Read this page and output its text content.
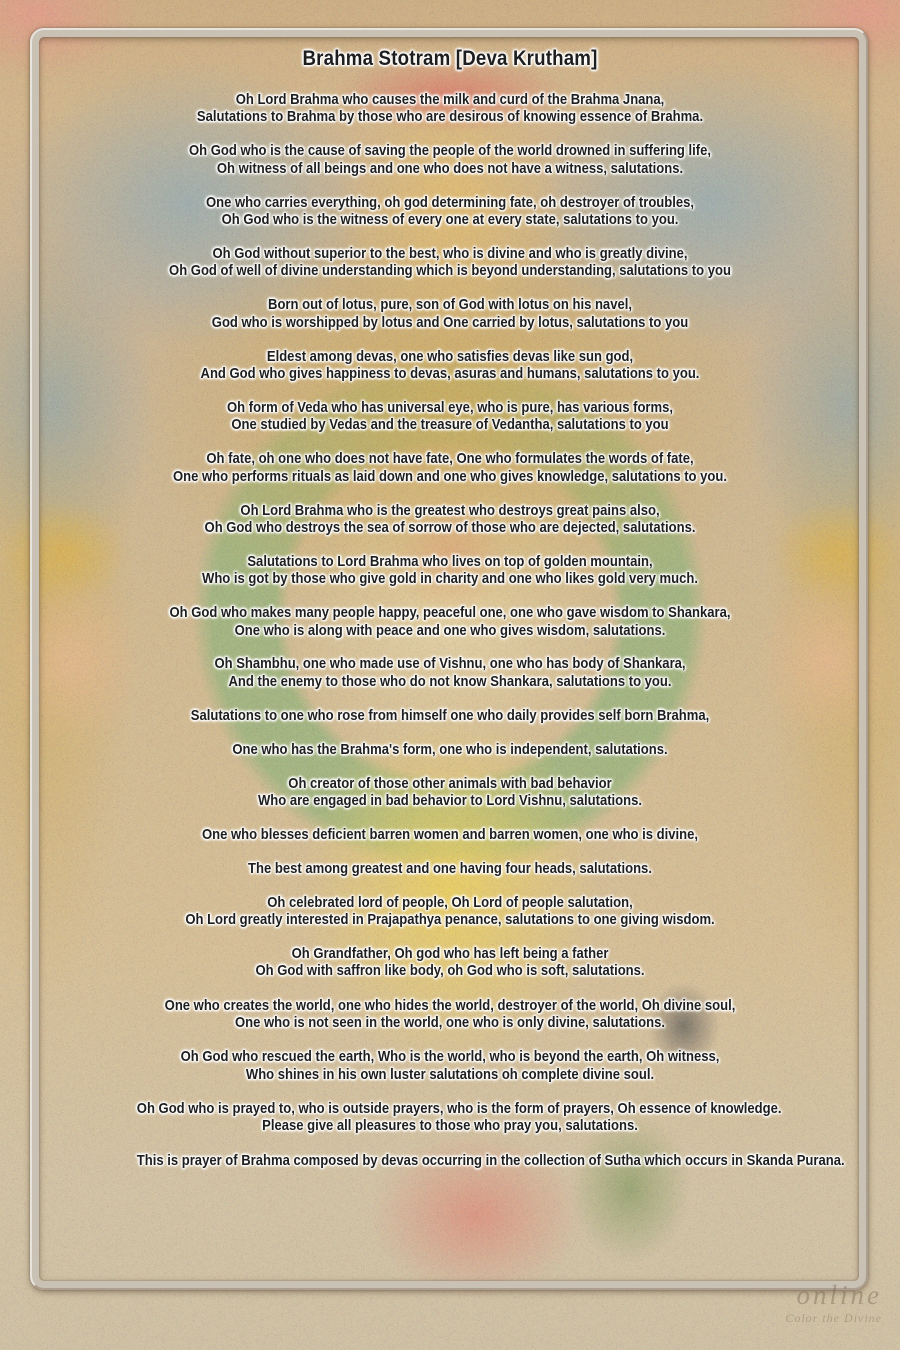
Brahma Stotram [Deva Krutham]
Oh Lord Brahma who causes the milk and curd of the Brahma Jnana,
Salutations to Brahma by those who are desirous of knowing essence of Brahma.
Oh God who is the cause of saving the people of the world drowned in suffering life,
Oh witness of all beings and one who does not have a witness, salutations.
One who carries everything, oh god determining fate, oh destroyer of troubles,
Oh God who is the witness of every one at every state, salutations to you.
Oh God without superior to the best, who is divine and who is greatly divine,
Oh God of well of divine understanding which is beyond understanding, salutations to you
Born out of lotus, pure, son of God with lotus on his navel,
God who is worshipped by lotus and One carried by lotus, salutations to you
Eldest among devas, one who satisfies devas like sun god,
And God who gives happiness to devas, asuras and humans, salutations to you.
Oh form of Veda who has universal eye, who is pure, has various forms,
One studied by Vedas and the treasure of Vedantha, salutations to you
Oh fate, oh one who does not have fate, One who formulates the words of fate,
One who performs rituals as laid down and one who gives knowledge, salutations to you.
Oh Lord Brahma who is the greatest who destroys great pains also,
Oh God who destroys the sea of sorrow of those who are dejected, salutations.
Salutations to Lord Brahma who lives on top of golden mountain,
Who is got by those who give gold in charity and one who likes gold very much.
Oh God who makes many people happy, peaceful one, one who gave wisdom to Shankara,
One who is along with peace and one who gives wisdom, salutations.
Oh Shambhu, one who made use of Vishnu, one who has body of Shankara,
And the enemy to those who do not know Shankara, salutations to you.
Salutations to one who rose from himself one who daily provides self born Brahma,
One who has the Brahma's form, one who is independent, salutations.
Oh creator of those other animals with bad behavior
Who are engaged in bad behavior to Lord Vishnu, salutations.
One who blesses deficient barren women and barren women, one who is divine,
The best among greatest and one having four heads, salutations.
Oh celebrated lord of people, Oh Lord of people salutation,
Oh Lord greatly interested in Prajapathya penance, salutations to one giving wisdom.
Oh Grandfather, Oh god who has left being a father
Oh God with saffron like body, oh God who is soft, salutations.
One who creates the world, one who hides the world, destroyer of the world, Oh divine soul,
One who is not seen in the world, one who is only divine, salutations.
Oh God who rescued the earth, Who is the world, who is beyond the earth, Oh witness,
Who shines in his own luster salutations oh complete divine soul.
Oh God who is prayed to, who is outside prayers, who is the form of prayers, Oh essence of knowledge.
Please give all pleasures to those who pray you, salutations.

This is prayer of Brahma composed by devas occurring in the collection of Sutha which occurs in Skanda Purana.

online
Color the Divine
